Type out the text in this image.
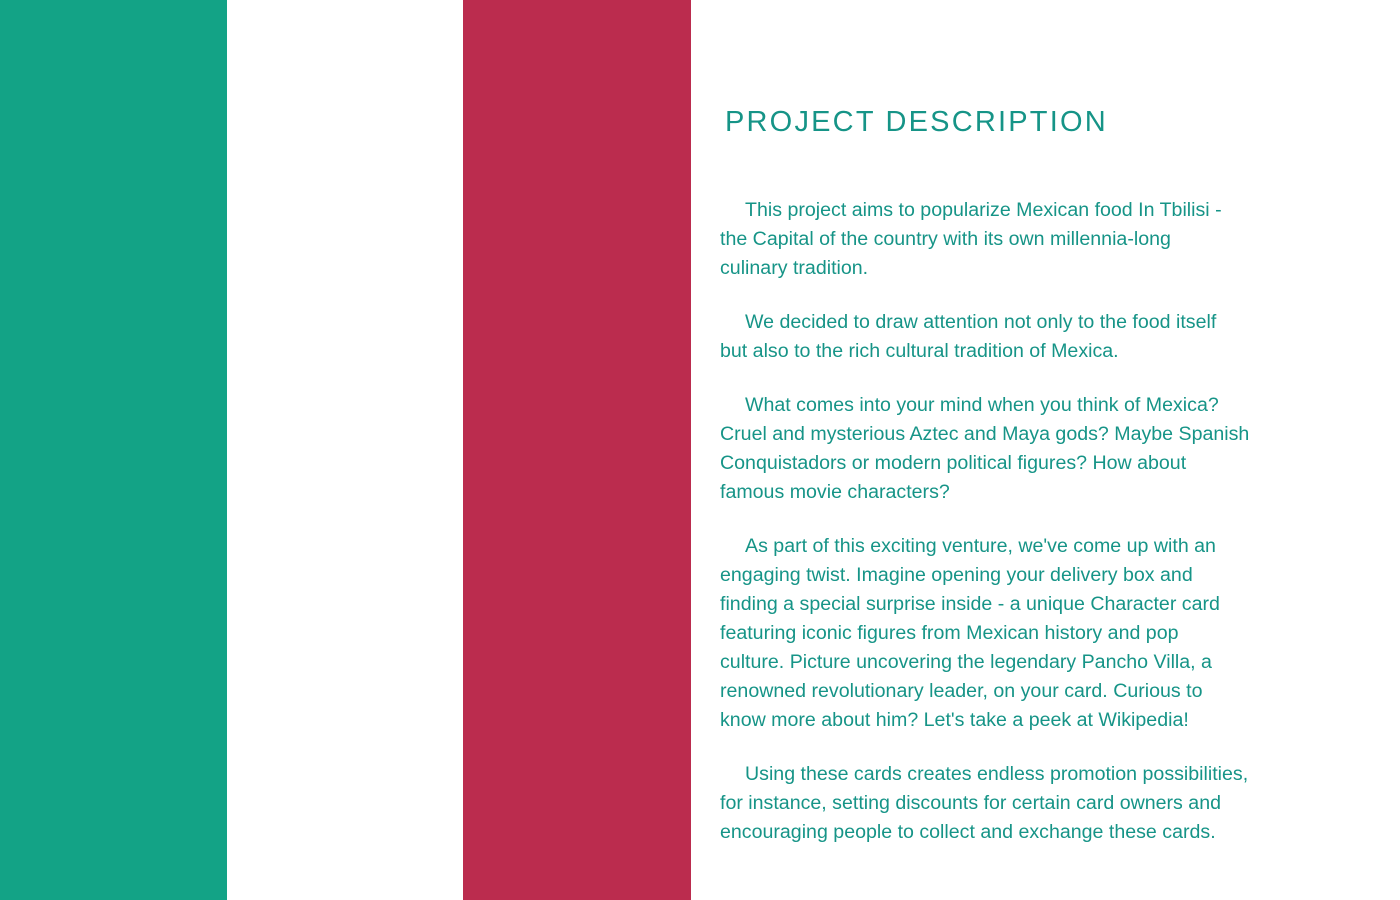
PROJECT DESCRIPTION

This project aims to popularize Mexican food In Tbilisi -
the Capital of the country with its own millennia-long
culinary tradition.

We decided to draw attention not only to the food itself
but also to the rich cultural tradition of Mexica.

What comes into your mind when you think of Mexica?
Cruel and mysterious Aztec and Maya gods? Maybe Spanish
Conquistadors or modern political figures? How about
famous movie characters?

As part of this exciting venture, we've come up with an
engaging twist. Imagine opening your delivery box and
finding a special surprise inside - a unique Character card
featuring iconic figures from Mexican history and pop
culture. Picture uncovering the legendary Pancho Villa, a
renowned revolutionary leader, on your card. Curious to
know more about him? Let's take a peek at Wikipedia!

Using these cards creates endless promotion possibilities,
for instance, setting discounts for certain card owners and
encouraging people to collect and exchange these cards.
